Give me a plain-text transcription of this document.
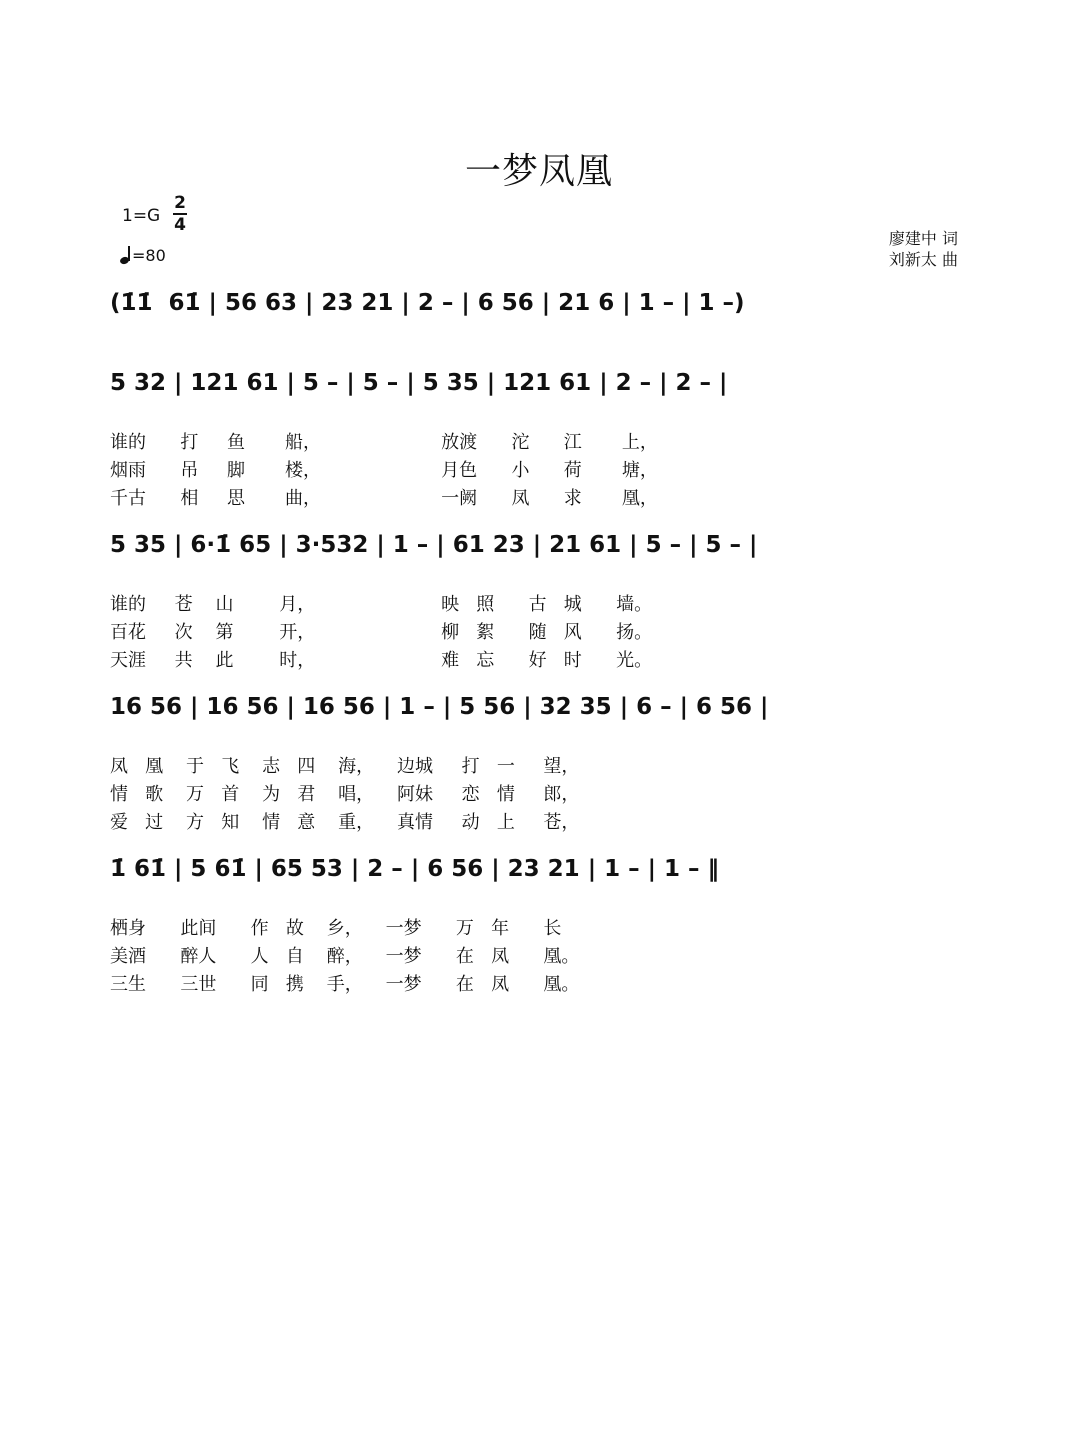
一梦凤凰
1=G
2
4
=80
廖建中 词
刘新太 曲

(1̇1̇  61̇ | 56 63 | 23 21 | 2 – | 6 56 | 21 6 | 1 – | 1 –)

5 32 | 121 61 | 5 – | 5 – | 5 35 | 121 61 | 2 – | 2 – |

谁的      打     鱼       船，                     放渡      沱      江       上，
烟雨      吊     脚       楼，                     月色      小      荷       塘，
千古      相     思       曲，                     一阙      凤      求       凰，

5 35 | 6·1̇ 65 | 3·532 | 1 – | 61 23 | 21 61 | 5 – | 5 – |

谁的     苍    山        月，                      映   照      古   城      墙。
百花     次    第        开，                      柳   絮      随   风      扬。
天涯     共    此        时，                      难   忘      好   时      光。

16 56 | 16 56 | 16 56 | 1 – | 5 56 | 32 35 | 6 – | 6 56 |

凤   凰    于   飞    志   四    海，    边城     打   一     望，
情   歌    万   首    为   君    唱，    阿妹     恋   情     郎，
爱   过    方   知    情   意    重，    真情     动   上     苍，

1̇ 61̇ | 5 61̇ | 65 53 | 2 – | 6 56 | 23 21 | 1 – | 1 – ‖

栖身      此间      作   故    乡，    一梦      万   年      长
美酒      醉人      人   自    醉，    一梦      在   凤      凰。
三生      三世      同   携    手，    一梦      在   凤      凰。
